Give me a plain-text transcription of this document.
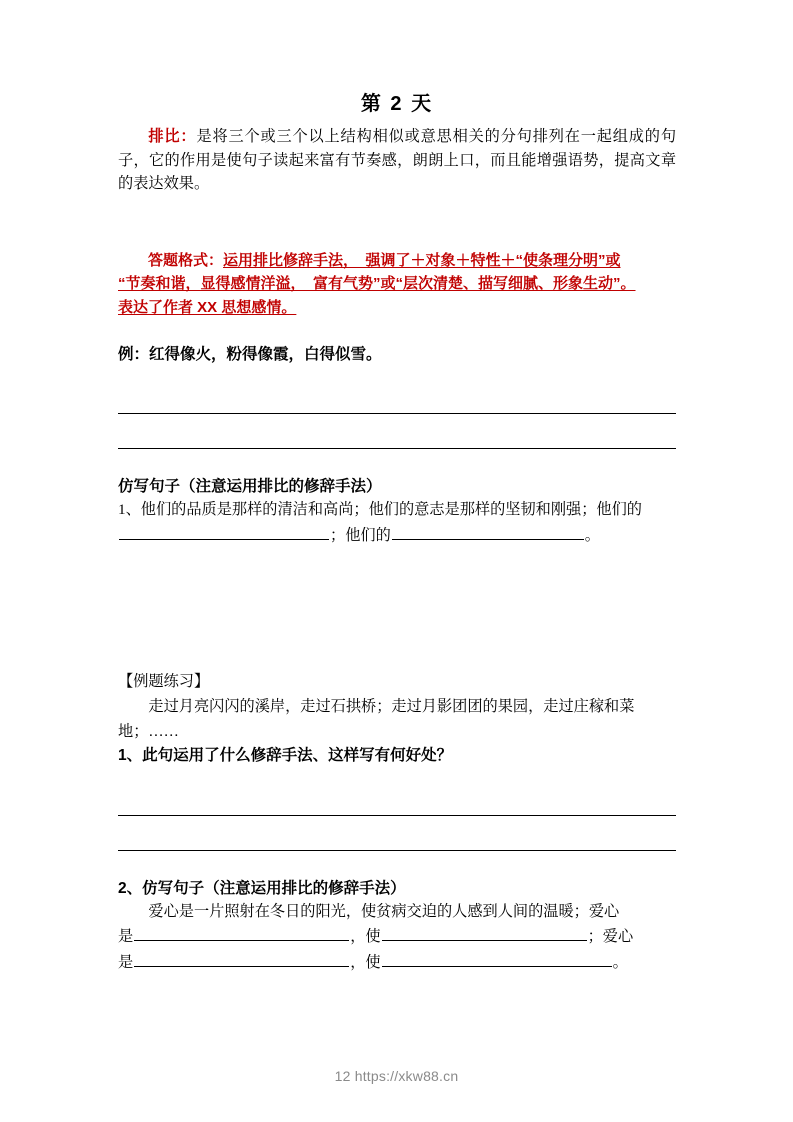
第 2 天

排比：是将三个或三个以上结构相似或意思相关的分句排列在一起组成的句子，它的作用是使句子读起来富有节奏感，朗朗上口，而且能增强语势，提高文章的表达效果。

答题格式：运用排比修辞手法，　强调了＋对象＋特性＋“使条理分明”或
“节奏和谐，显得感情洋溢，　富有气势”或“层次清楚、描写细腻、形象生动”。
表达了作者 XX 思想感情。

例：红得像火，粉得像霞，白得似雪。

仿写句子（注意运用排比的修辞手法）

1、他们的品质是那样的清洁和高尚；他们的意志是那样的坚韧和刚强；他们的

；他们的	。

【例题练习】

走过月亮闪闪的溪岸，走过石拱桥；走过月影团团的果园，走过庄稼和菜

地；……

1、此句运用了什么修辞手法、这样写有何好处？

2、仿写句子（注意运用排比的修辞手法）

爱心是一片照射在冬日的阳光，使贫病交迫的人感到人间的温暖；爱心

是	，使	；爱心

是	，使	。

12 https://xkw88.cn
